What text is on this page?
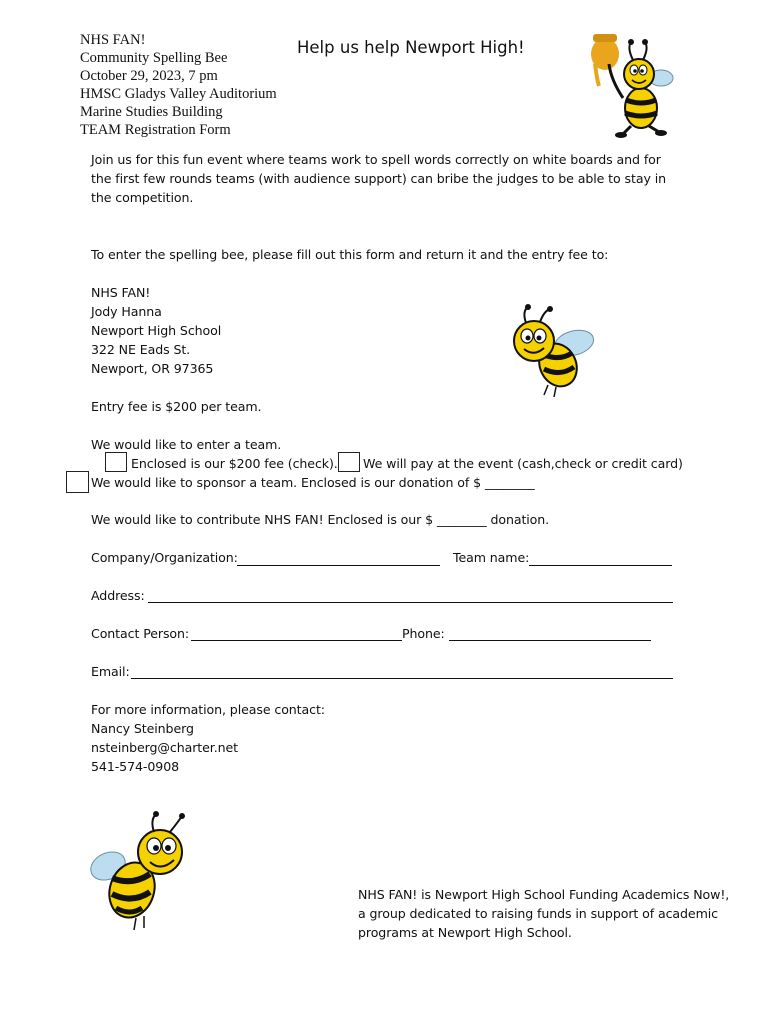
NHS FAN!
Community Spelling Bee
October 29, 2023, 7 pm
HMSC Gladys Valley Auditorium
Marine Studies Building
TEAM Registration Form
Help us help Newport High!
Join us for this fun event where teams work to spell words correctly on white boards and for
the first few rounds teams (with audience support) can bribe the judges to be able to stay in
the competition.
To enter the spelling bee, please fill out this form and return it and the entry fee to:
NHS FAN!
Jody Hanna
Newport High School
322 NE Eads St.
Newport, OR 97365
Entry fee is $200 per team.
We would like to enter a team.
Enclosed is our $200 fee (check). We will pay at the event (cash,check or credit card)
We would like to sponsor a team. Enclosed is our donation of $ ________
We would like to contribute NHS FAN! Enclosed is our $ ________ donation.
Company/Organization:	Team name:
Address:
Contact Person:	Phone:
Email:
For more information, please contact:
Nancy Steinberg
nsteinberg@charter.net
541-574-0908
NHS FAN! is Newport High School Funding Academics Now!,
a group dedicated to raising funds in support of academic
programs at Newport High School.
